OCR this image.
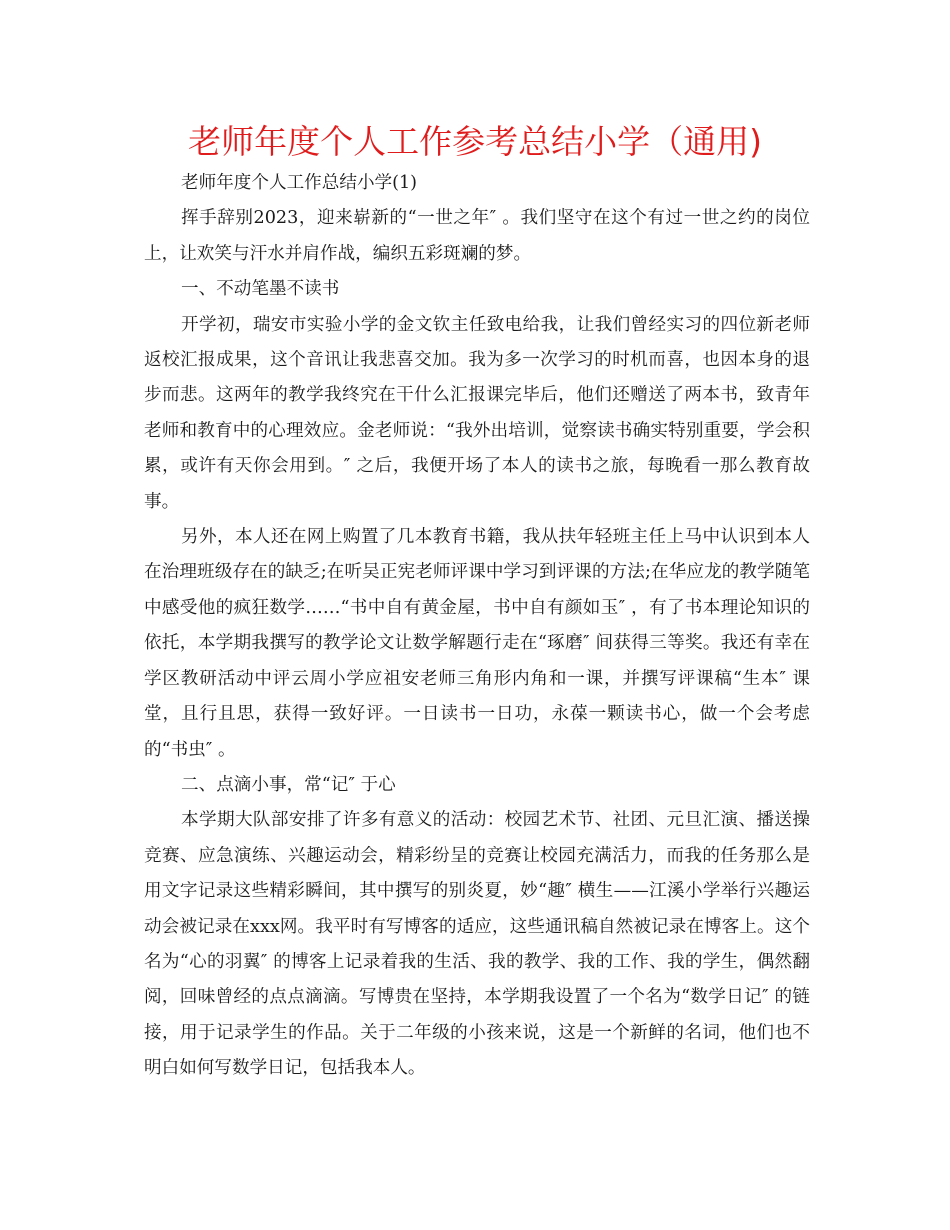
老师年度个人工作参考总结小学（通用)

老师年度个人工作总结小学(1)

挥手辞别2023，迎来崭新的“一世之年″ 。我们坚守在这个有过一世之约的岗位上，让欢笑与汗水并肩作战，编织五彩斑斓的梦。

一、不动笔墨不读书

开学初，瑞安市实验小学的金文钦主任致电给我，让我们曾经实习的四位新老师返校汇报成果，这个音讯让我悲喜交加。我为多一次学习的时机而喜，也因本身的退步而悲。这两年的教学我终究在干什么汇报课完毕后，他们还赠送了两本书，致青年老师和教育中的心理效应。金老师说：“我外出培训，觉察读书确实特别重要，学会积累，或许有天你会用到。″ 之后，我便开场了本人的读书之旅，每晚看一那么教育故事。

另外，本人还在网上购置了几本教育书籍，我从扶年轻班主任上马中认识到本人在治理班级存在的缺乏;在听吴正宪老师评课中学习到评课的方法;在华应龙的教学随笔中感受他的疯狂数学……“书中自有黄金屋，书中自有颜如玉″ ，有了书本理论知识的依托，本学期我撰写的教学论文让数学解题行走在“琢磨″ 间获得三等奖。我还有幸在学区教研活动中评云周小学应祖安老师三角形内角和一课，并撰写评课稿“生本″ 课堂，且行且思，获得一致好评。一日读书一日功，永葆一颗读书心，做一个会考虑的“书虫″ 。

二、点滴小事，常“记″ 于心

本学期大队部安排了许多有意义的活动：校园艺术节、社团、元旦汇演、播送操竞赛、应急演练、兴趣运动会，精彩纷呈的竞赛让校园充满活力，而我的任务那么是用文字记录这些精彩瞬间，其中撰写的别炎夏，妙“趣″ 横生——江溪小学举行兴趣运动会被记录在xxx网。我平时有写博客的适应，这些通讯稿自然被记录在博客上。这个名为“心的羽翼″ 的博客上记录着我的生活、我的教学、我的工作、我的学生，偶然翻阅，回味曾经的点点滴滴。写博贵在坚持，本学期我设置了一个名为“数学日记″ 的链接，用于记录学生的作品。关于二年级的小孩来说，这是一个新鲜的名词，他们也不明白如何写数学日记，包括我本人。
